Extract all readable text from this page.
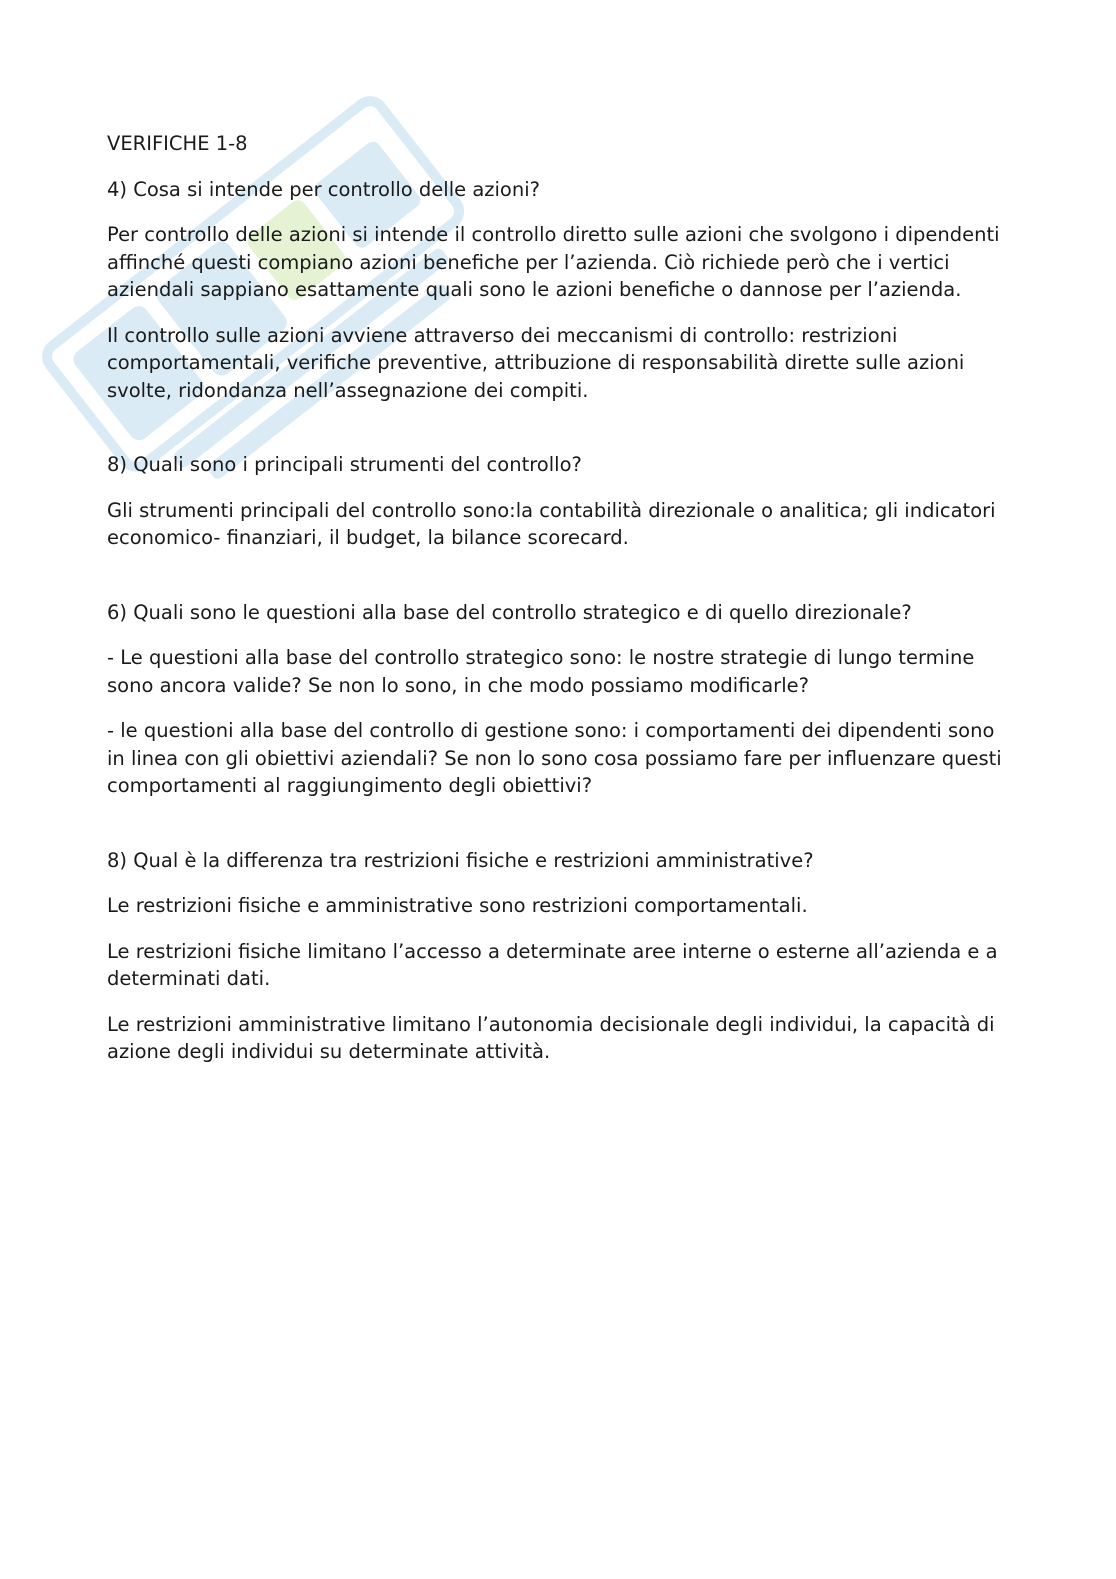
VERIFICHE 1-8

4) Cosa si intende per controllo delle azioni?

Per controllo delle azioni si intende il controllo diretto sulle azioni che svolgono i dipendenti affinché questi compiano azioni benefiche per l’azienda. Ciò richiede però che i vertici aziendali sappiano esattamente quali sono le azioni benefiche o dannose per l’azienda.

Il controllo sulle azioni avviene attraverso dei meccanismi di controllo: restrizioni comportamentali, verifiche preventive, attribuzione di responsabilità dirette sulle azioni svolte, ridondanza nell’assegnazione dei compiti.

8) Quali sono i principali strumenti del controllo?

Gli strumenti principali del controllo sono:la contabilità direzionale o analitica; gli indicatori economico- finanziari, il budget, la bilance scorecard.

6) Quali sono le questioni alla base del controllo strategico e di quello direzionale?

- Le questioni alla base del controllo strategico sono: le nostre strategie di lungo termine sono ancora valide? Se non lo sono, in che modo possiamo modificarle?

- le questioni alla base del controllo di gestione sono: i comportamenti dei dipendenti sono in linea con gli obiettivi aziendali? Se non lo sono cosa possiamo fare per influenzare questi comportamenti al raggiungimento degli obiettivi?

8) Qual è la differenza tra restrizioni fisiche e restrizioni amministrative?

Le restrizioni fisiche e amministrative sono restrizioni comportamentali.

Le restrizioni fisiche limitano l’accesso a determinate aree interne o esterne all’azienda e a determinati dati.

Le restrizioni amministrative limitano l’autonomia decisionale degli individui, la capacità di azione degli individui su determinate attività.
